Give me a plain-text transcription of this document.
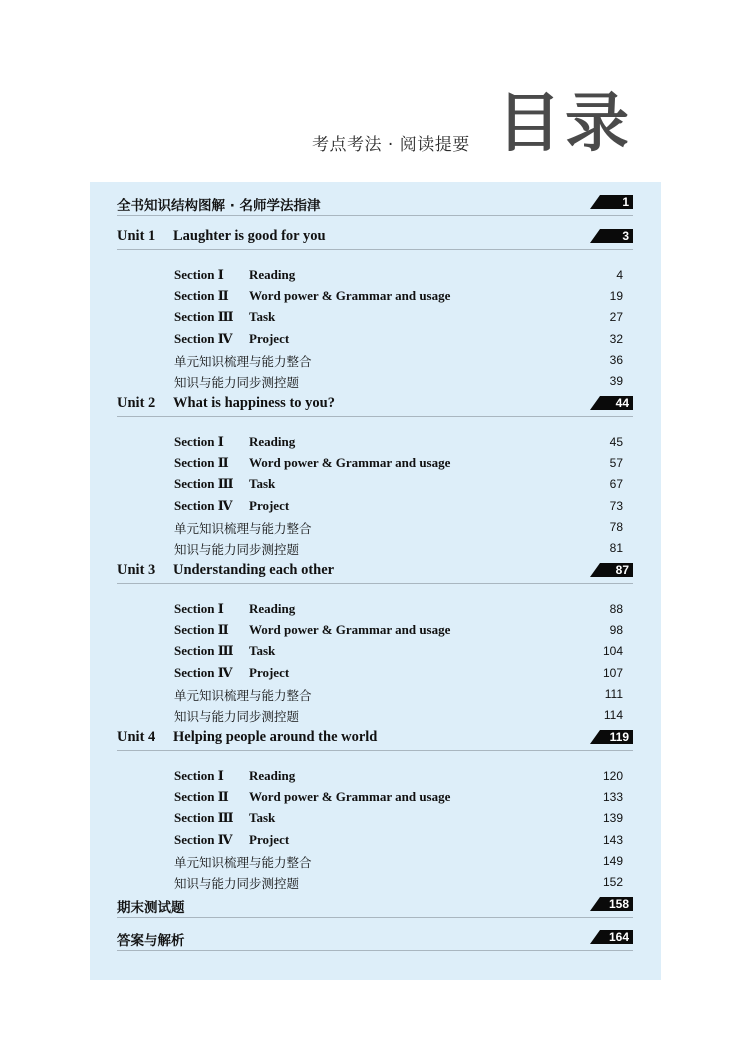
考点考法 · 阅读提要 目录
全书知识结构图解 · 名师学法指津	1
Unit 1 Laughter is good for you	3
Section Ⅰ Reading	4
Section Ⅱ Word power & Grammar and usage	19
Section Ⅲ Task	27
Section Ⅳ Project	32
单元知识梳理与能力整合	36
知识与能力同步测控题	39
Unit 2 What is happiness to you?	44
Section Ⅰ Reading	45
Section Ⅱ Word power & Grammar and usage	57
Section Ⅲ Task	67
Section Ⅳ Project	73
单元知识梳理与能力整合	78
知识与能力同步测控题	81
Unit 3 Understanding each other	87
Section Ⅰ Reading	88
Section Ⅱ Word power & Grammar and usage	98
Section Ⅲ Task	104
Section Ⅳ Project	107
单元知识梳理与能力整合	111
知识与能力同步测控题	114
Unit 4 Helping people around the world	119
Section Ⅰ Reading	120
Section Ⅱ Word power & Grammar and usage	133
Section Ⅲ Task	139
Section Ⅳ Project	143
单元知识梳理与能力整合	149
知识与能力同步测控题	152
期末测试题	158
答案与解析	164
